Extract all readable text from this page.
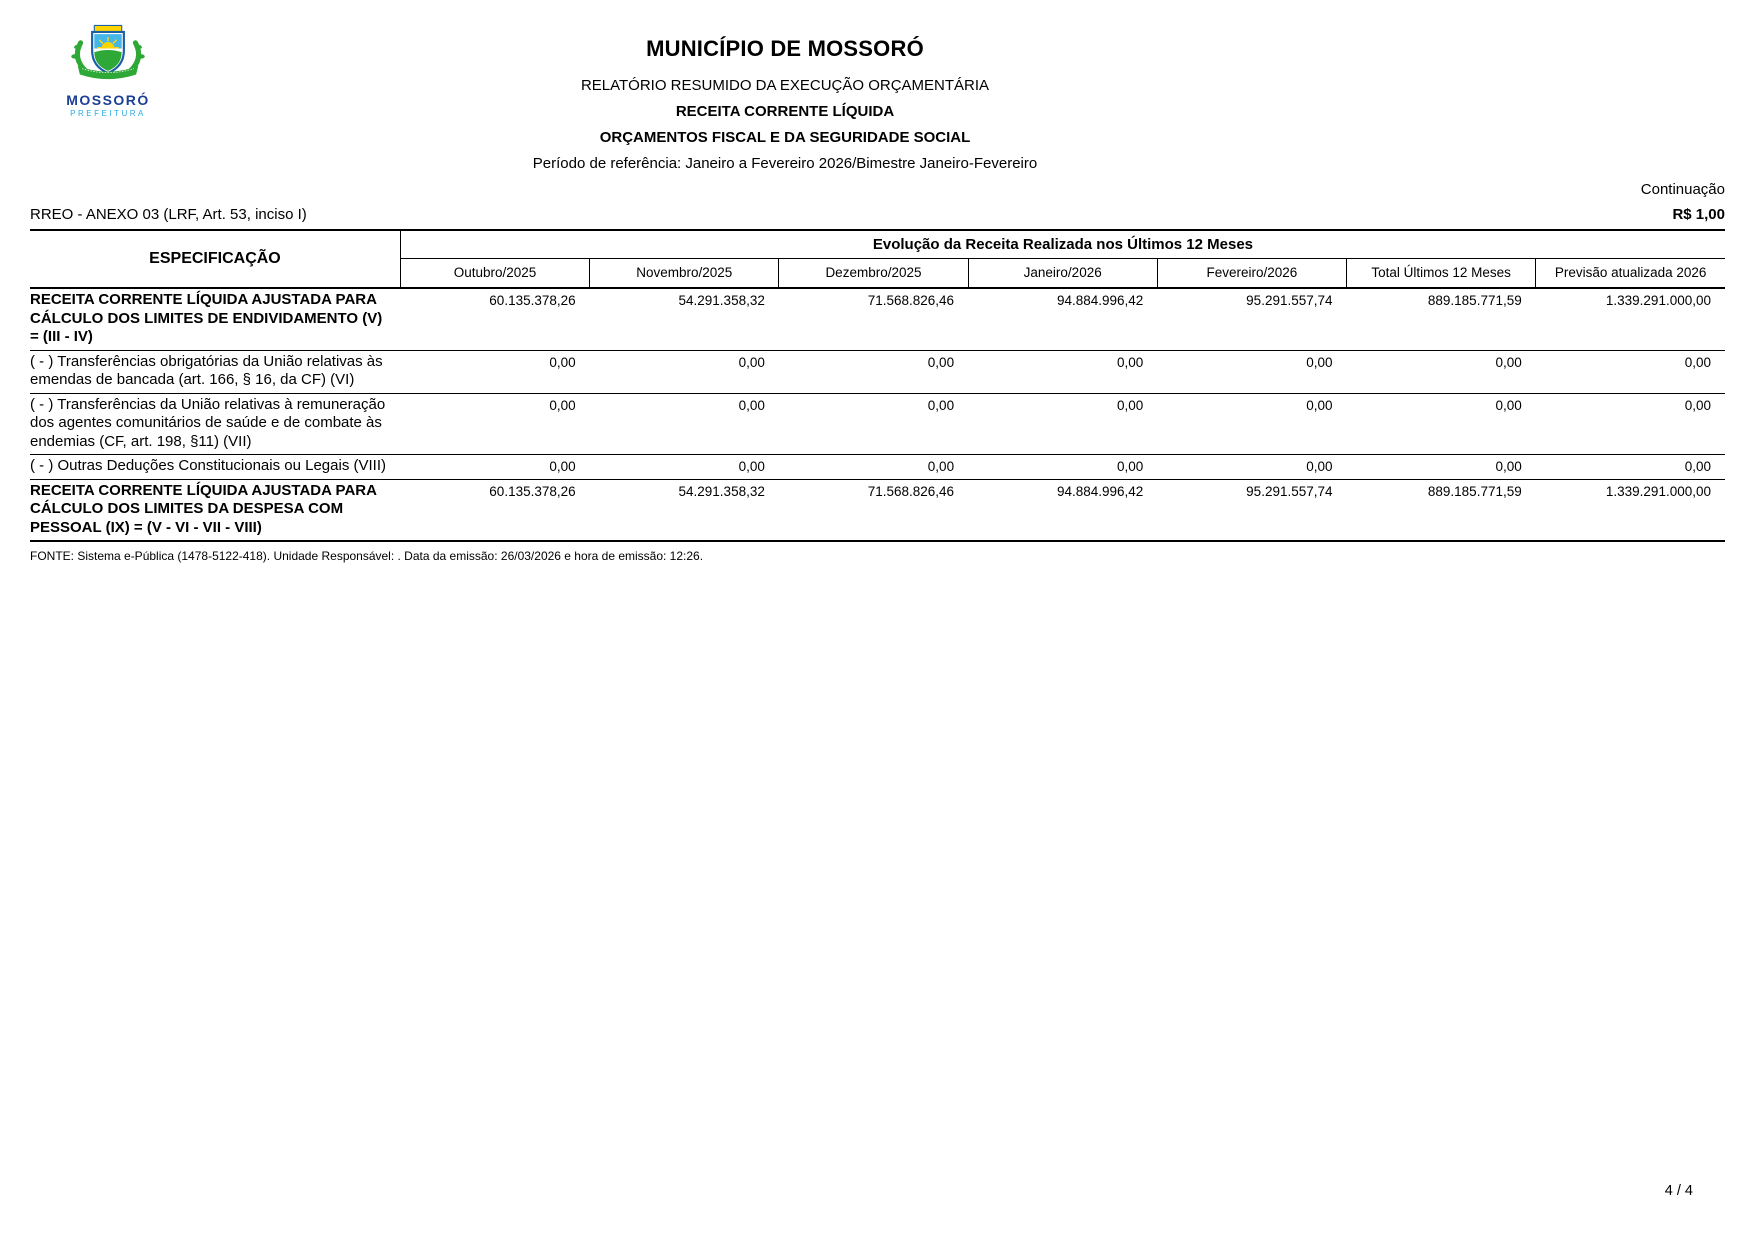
MOSSORÓ
PREFEITURA
MUNICÍPIO DE MOSSORÓ
RELATÓRIO RESUMIDO DA EXECUÇÃO ORÇAMENTÁRIA
RECEITA CORRENTE LÍQUIDA
ORÇAMENTOS FISCAL E DA SEGURIDADE SOCIAL
Período de referência: Janeiro a Fevereiro 2026/Bimestre Janeiro-Fevereiro
Continuação
RREO - ANEXO 03 (LRF, Art. 53, inciso I)	R$ 1,00
ESPECIFICAÇÃO	Evolução da Receita Realizada nos Últimos 12 Meses						
	Outubro/2025	Novembro/2025	Dezembro/2025	Janeiro/2026	Fevereiro/2026	Total Últimos 12 Meses	Previsão atualizada 2026
RECEITA CORRENTE LÍQUIDA AJUSTADA PARA CÁLCULO DOS LIMITES DE ENDIVIDAMENTO (V) = (III - IV)	60.135.378,26	54.291.358,32	71.568.826,46	94.884.996,42	95.291.557,74	889.185.771,59	1.339.291.000,00
( - ) Transferências obrigatórias da União relativas às emendas de bancada (art. 166, § 16, da CF) (VI)	0,00	0,00	0,00	0,00	0,00	0,00	0,00
( - ) Transferências da União relativas à remuneração dos agentes comunitários de saúde e de combate às endemias (CF, art. 198, §11) (VII)	0,00	0,00	0,00	0,00	0,00	0,00	0,00
( - ) Outras Deduções Constitucionais ou Legais (VIII)	0,00	0,00	0,00	0,00	0,00	0,00	0,00
RECEITA CORRENTE LÍQUIDA AJUSTADA PARA CÁLCULO DOS LIMITES DA DESPESA COM PESSOAL (IX) = (V - VI - VII - VIII)	60.135.378,26	54.291.358,32	71.568.826,46	94.884.996,42	95.291.557,74	889.185.771,59	1.339.291.000,00
FONTE: Sistema e-Pública (1478-5122-418). Unidade Responsável: . Data da emissão: 26/03/2026 e hora de emissão: 12:26.
4 / 4
